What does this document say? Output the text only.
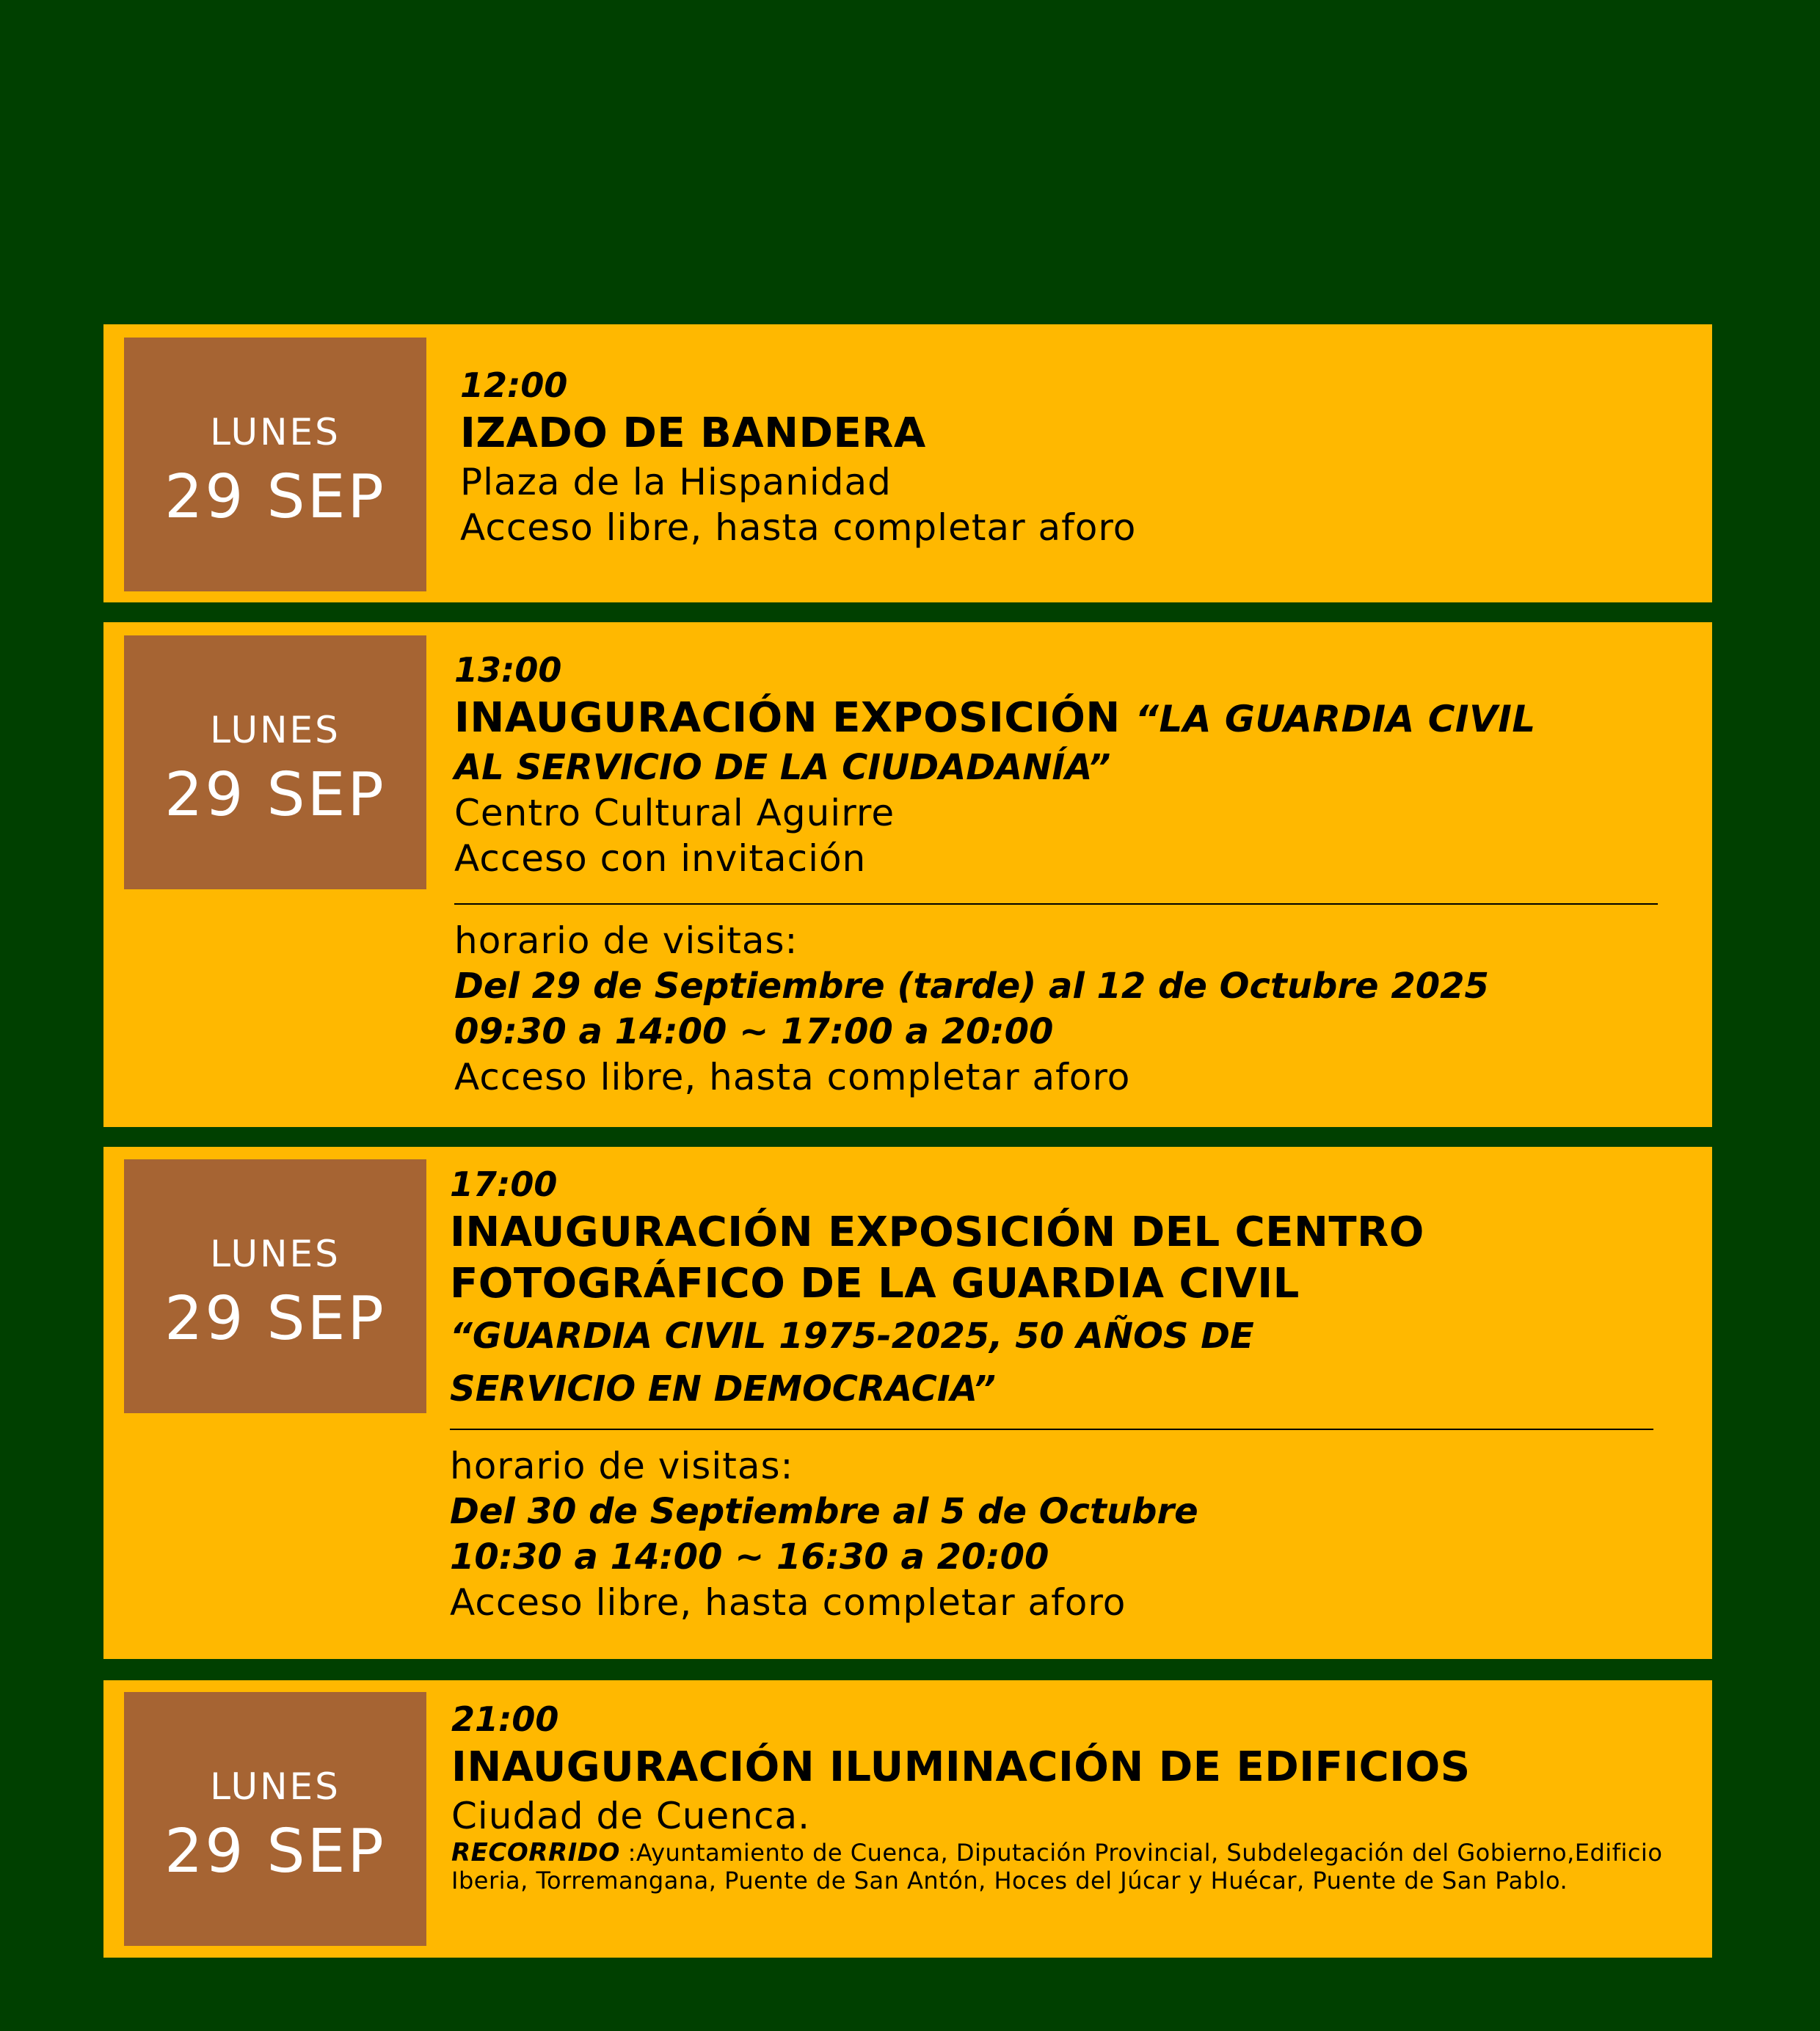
LUNES
29 SEP
12:00
IZADO DE BANDERA
Plaza de la Hispanidad
Acceso libre, hasta completar aforo
LUNES
29 SEP
13:00
INAUGURACIÓN EXPOSICIÓN “LA GUARDIA CIVIL
AL SERVICIO DE LA CIUDADANÍA”
Centro Cultural Aguirre
Acceso con invitación
horario de visitas:
Del 29 de Septiembre (tarde) al 12 de Octubre 2025
09:30 a 14:00 ~ 17:00 a 20:00
Acceso libre, hasta completar aforo
LUNES
29 SEP
17:00
INAUGURACIÓN EXPOSICIÓN DEL CENTRO
FOTOGRÁFICO DE LA GUARDIA CIVIL
“GUARDIA CIVIL 1975-2025, 50 AÑOS DE
SERVICIO EN DEMOCRACIA”
horario de visitas:
Del 30 de Septiembre al 5 de Octubre
10:30 a 14:00 ~ 16:30 a 20:00
Acceso libre, hasta completar aforo
LUNES
29 SEP
21:00
INAUGURACIÓN ILUMINACIÓN DE EDIFICIOS
Ciudad de Cuenca.
RECORRIDO :Ayuntamiento de Cuenca, Diputación Provincial, Subdelegación del Gobierno,Edificio Iberia, Torremangana, Puente de San Antón, Hoces del Júcar y Huécar, Puente de San Pablo.
